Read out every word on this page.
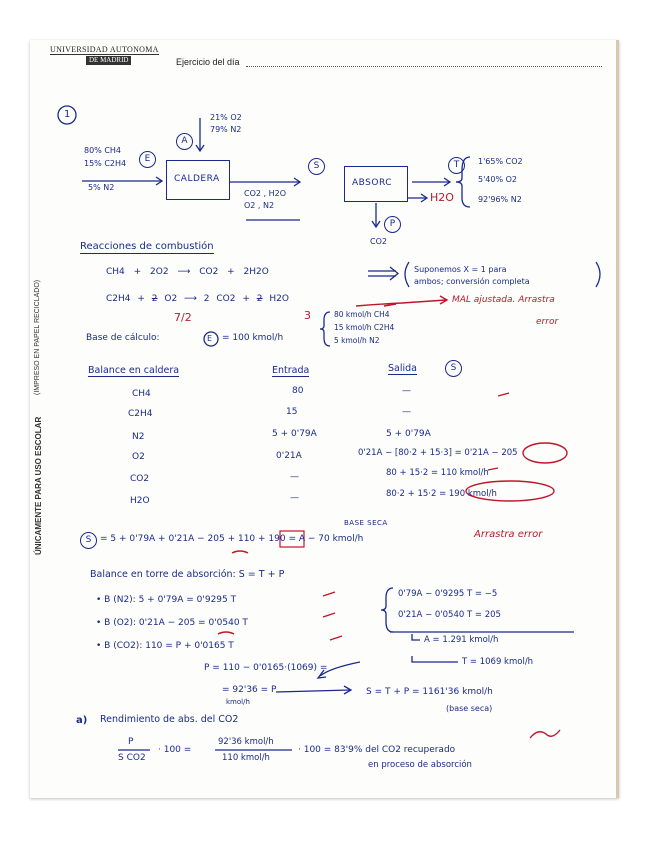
UNIVERSIDAD AUTONOMA
DE MADRID	Ejercicio del día
(IMPRESO EN PAPEL RECICLADO)
ÚNICAMENTE PARA USO ESCOLAR
1	21% O2
79% N2
A
80% CH4
15% C2H4
5% N2
E
CALDERA
S
CO2 , H2O
O2 , N2
ABSORC
T	1'65% CO2
5'40% O2
92'96% N2
H2O
P
CO2
Reacciones de combustión
CH4 + 2O2 ⟶ CO2 + 2H2O
C2H4 + 2 O2 ⟶ 2 CO2 + 2 H2O
7/2	3
Suponemos X = 1 para
ambos; conversión completa
MAL ajustada. Arrastra
error
Base de cálculo:	E = 100 kmol/h
80 kmol/h CH4
15 kmol/h C2H4
5 kmol/h N2
Balance en caldera	Entrada	Salida	S
CH4	80	—
C2H4	15	—
N2	5 + 0'79A	5 + 0'79A
O2	0'21A	0'21A − [80·2 + 15·3] = 0'21A − 205
CO2	—	80 + 15·2 = 110 kmol/h
H2O	—	80·2 + 15·2 = 190 kmol/h
BASE SECA
S = 5 + 0'79A + 0'21A − 205 + 110 + 190 = A − 70 kmol/h	Arrastra error
Balance en torre de absorción: S = T + P
• B (N2): 5 + 0'79A = 0'9295 T
• B (O2): 0'21A − 205 = 0'0540 T
• B (CO2): 110 = P + 0'0165 T
0'79A − 0'9295 T = −5
0'21A − 0'0540 T = 205
A = 1.291 kmol/h
T = 1069 kmol/h
P = 110 − 0'0165·(1069) =
= 92'36 = P
kmol/h
S = T + P = 1161'36 kmol/h
(base seca)
a) Rendimiento de abs. del CO2
P
S CO2
· 100 =
92'36 kmol/h
110 kmol/h
· 100 = 83'9% del CO2 recuperado
en proceso de absorción
